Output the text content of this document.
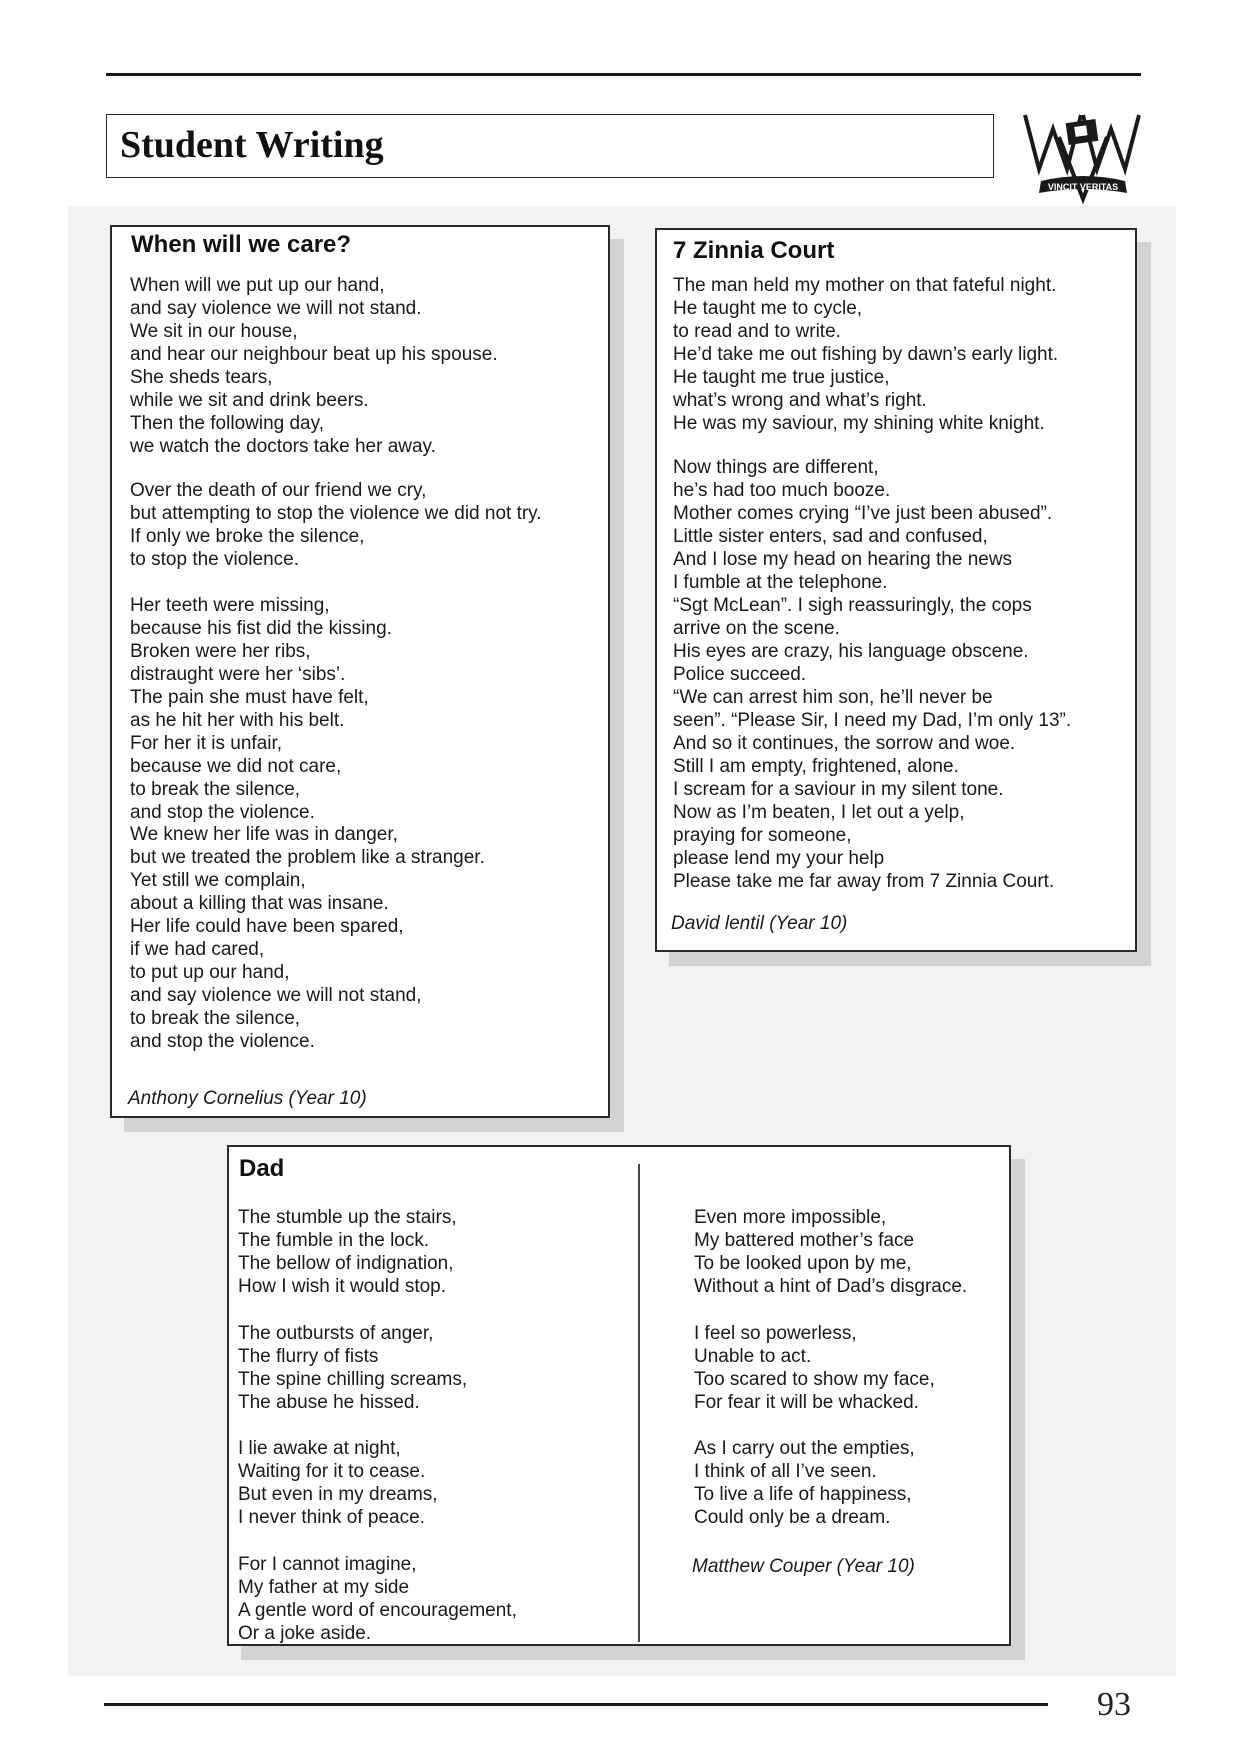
Student Writing
VINCIT VERITAS
When will we care?

When will we put up our hand,
and say violence we will not stand.
We sit in our house,
and hear our neighbour beat up his spouse.
She sheds tears,
while we sit and drink beers.
Then the following day,
we watch the doctors take her away.

Over the death of our friend we cry,
but attempting to stop the violence we did not try.
If only we broke the silence,
to stop the violence.

Her teeth were missing,
because his fist did the kissing.
Broken were her ribs,
distraught were her ‘sibs’.
The pain she must have felt,
as he hit her with his belt.
For her it is unfair,
because we did not care,
to break the silence,
and stop the violence.

We knew her life was in danger,
but we treated the problem like a stranger.
Yet still we complain,
about a killing that was insane.
Her life could have been spared,
if we had cared,
to put up our hand,
and say violence we will not stand,
to break the silence,
and stop the violence.

Anthony Cornelius (Year 10)

7 Zinnia Court

The man held my mother on that fateful night.
He taught me to cycle,
to read and to write.
He’d take me out fishing by dawn’s early light.
He taught me true justice,
what’s wrong and what’s right.
He was my saviour, my shining white knight.

Now things are different,
he’s had too much booze.
Mother comes crying “I’ve just been abused”.
Little sister enters, sad and confused,
And I lose my head on hearing the news
I fumble at the telephone.
“Sgt McLean”. I sigh reassuringly, the cops
arrive on the scene.
His eyes are crazy, his language obscene.
Police succeed.
“We can arrest him son, he’ll never be
seen”. “Please Sir, I need my Dad, I’m only 13”.
And so it continues, the sorrow and woe.
Still I am empty, frightened, alone.
I scream for a saviour in my silent tone.
Now as I’m beaten, I let out a yelp,
praying for someone,
please lend my your help
Please take me far away from 7 Zinnia Court.

David lentil (Year 10)

Dad

The stumble up the stairs,
The fumble in the lock.
The bellow of indignation,
How I wish it would stop.

The outbursts of anger,
The flurry of fists
The spine chilling screams,
The abuse he hissed.

I lie awake at night,
Waiting for it to cease.
But even in my dreams,
I never think of peace.

For I cannot imagine,
My father at my side
A gentle word of encouragement,
Or a joke aside.

Even more impossible,
My battered mother’s face
To be looked upon by me,
Without a hint of Dad’s disgrace.

I feel so powerless,
Unable to act.
Too scared to show my face,
For fear it will be whacked.

As I carry out the empties,
I think of all I’ve seen.
To live a life of happiness,
Could only be a dream.

Matthew Couper (Year 10)

93
